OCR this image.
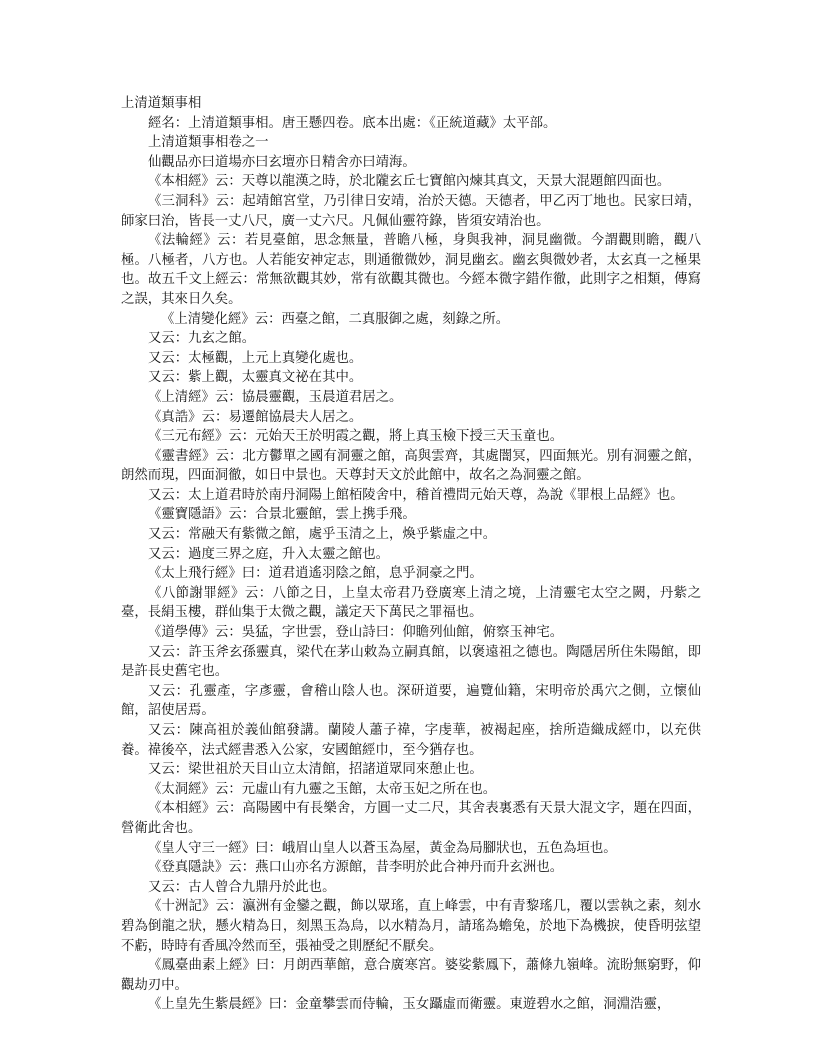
上清道類事相

經名：上清道類事相。唐王懸四卷。底本出處：《正統道藏》太平部。

上清道類事相卷之一

仙觀品亦曰道場亦曰玄壇亦日精舍亦曰靖海。

《本相經》云：天尊以龍漢之時，於北隴玄丘七寶館內煉其真文，天景大混題館四面也。

《三洞科》云：起靖館宮堂，乃引律日安靖，治於天德。天德者，甲乙丙丁地也。民家曰靖，師家曰治，皆長一丈八尺，廣一丈六尺。凡佩仙靈符錄，皆須安靖治也。

《法輪經》云：若見臺館，思念無量，普瞻八極，身與我神，洞見幽微。今謂觀則瞻，觀八極。八極者，八方也。人若能安神定志，則通徹微妙，洞見幽玄。幽玄與微妙者，太玄真一之極果也。故五千文上經云：常無欲觀其妙，常有欲觀其微也。今經本微字錯作徹，此則字之相類，傳寫之誤，其來日久矣。

《上清變化經》云：西臺之館，二真服御之處，刻錄之所。

又云：九玄之館。

又云：太極觀，上元上真變化處也。

又云：紫上觀，太靈真文祕在其中。

《上清經》云：協晨靈觀，玉晨道君居之。

《真誥》云：易遷館協晨夫人居之。

《三元布經》云：元始天王於明霞之觀，將上真玉檢下授三天玉童也。

《靈書經》云：北方鬱單之國有洞靈之館，高與雲齊，其處闇冥，四面無光。別有洞靈之館，朗然而現，四面洞徹，如日中景也。天尊封天文於此館中，故名之為洞靈之館。

又云：太上道君時於南丹洞陽上館栢陵舍中，稽首禮問元始天尊，為說《罪根上品經》也。

《靈寶隱語》云：合景北靈館，雲上携手飛。

又云：常融天有紫微之館，處乎玉清之上，煥乎紫虛之中。

又云：過度三界之庭，升入太靈之館也。

《太上飛行經》曰：道君逍遙羽陰之館，息乎洞豪之門。

《八節謝罪經》云：八節之日，上皇太帝君乃登廣寒上清之境，上清靈宅太空之闕，丹紫之臺，長絹玉樓，群仙集于太微之觀，議定天下萬民之罪福也。

《道學傳》云：吳猛，字世雲，登山詩曰：仰瞻列仙館，俯察玉神宅。

又云：許玉斧玄孫靈真，梁代在茅山敕為立嗣真館，以褒遠祖之德也。陶隱居所住朱陽館，即是許長史舊宅也。

又云：孔靈產，字彥靈，會稽山陰人也。深研道要，遍覽仙籍，宋明帝於禹穴之側，立懷仙館，詔使居焉。

又云：陳高祖於義仙館發講。蘭陵人蕭子禕，字虔華，被褐起座，捨所造織成經巾，以充供養。禕後卒，法式經書悉入公家，安國館經巾，至今猶存也。

又云：梁世祖於天目山立太清館，招諸道眾同來憩止也。

《太洞經》云：元虛山有九靈之玉館，太帝玉妃之所在也。

《本相經》云：高陽國中有長樂舍，方圓一丈二尺，其舍表裏悉有天景大混文字，題在四面，營衛此舍也。

《皇人守三一經》曰：峨眉山皇人以蒼玉為屋，黃金為局腳狀也，五色為垣也。

《登真隱訣》云：燕口山亦名方源館，昔李明於此合神丹而升玄洲也。

又云：古人曾合九鼎丹於此也。

《十洲記》云：瀛洲有金鑾之觀，飾以眾瑤，直上峰雲，中有青黎瑤几，覆以雲執之素，刻水碧為倒龍之狀，懸火精為日，刻黑玉為烏，以水精為月，請瑤為蟾兔，於地下為機捩，使昏明弦望不虧，時時有香風冷然而至，張袖受之則歷紀不厭矣。

《鳳臺曲素上經》曰：月朗西華館，意合廣寒宮。婆娑紫鳳下，蕭條九嶺峰。流盼無窮野，仰觀劫刃中。

《上皇先生紫晨經》曰：金童攀雲而侍輪，玉女躡虛而衛靈。東遊碧水之館，洞淵浩靈，
